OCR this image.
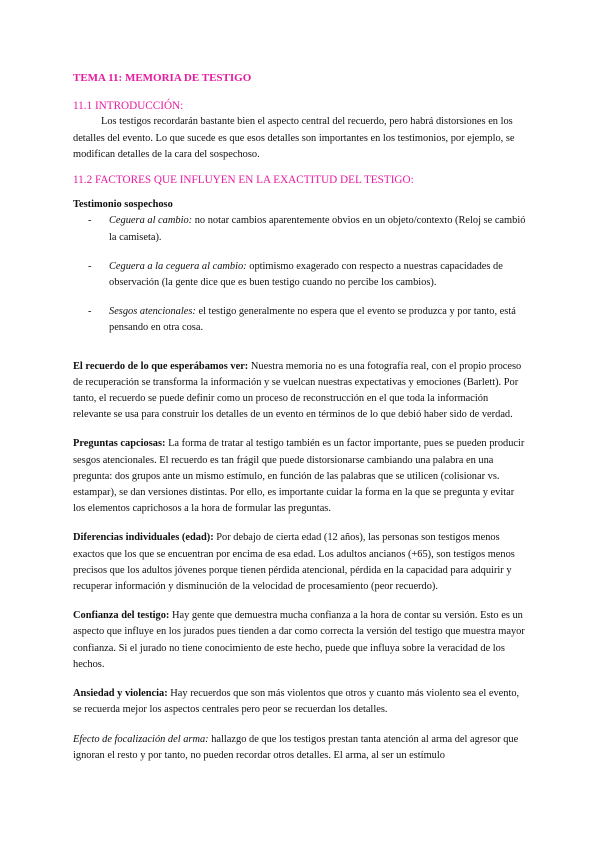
TEMA 11: MEMORIA DE TESTIGO

11.1 INTRODUCCIÓN:

Los testigos recordarán bastante bien el aspecto central del recuerdo, pero habrá distorsiones en los detalles del evento. Lo que sucede es que esos detalles son importantes en los testimonios, por ejemplo, se modifican detalles de la cara del sospechoso.

11.2 FACTORES QUE INFLUYEN EN LA EXACTITUD DEL TESTIGO:

Testimonio sospechoso

- Ceguera al cambio: no notar cambios aparentemente obvios en un objeto/contexto (Reloj se cambió la camiseta).
- Ceguera a la ceguera al cambio: optimismo exagerado con respecto a nuestras capacidades de observación (la gente dice que es buen testigo cuando no percibe los cambios).
- Sesgos atencionales: el testigo generalmente no espera que el evento se produzca y por tanto, está pensando en otra cosa.

El recuerdo de lo que esperábamos ver: Nuestra memoria no es una fotografía real, con el propio proceso de recuperación se transforma la información y se vuelcan nuestras expectativas y emociones (Barlett). Por tanto, el recuerdo se puede definir como un proceso de reconstrucción en el que toda la información relevante se usa para construir los detalles de un evento en términos de lo que debió haber sido de verdad.

Preguntas capciosas: La forma de tratar al testigo también es un factor importante, pues se pueden producir sesgos atencionales. El recuerdo es tan frágil que puede distorsionarse cambiando una palabra en una pregunta: dos grupos ante un mismo estímulo, en función de las palabras que se utilicen (colisionar vs. estampar), se dan versiones distintas. Por ello, es importante cuidar la forma en la que se pregunta y evitar los elementos caprichosos a la hora de formular las preguntas.

Diferencias individuales (edad): Por debajo de cierta edad (12 años), las personas son testigos menos exactos que los que se encuentran por encima de esa edad. Los adultos ancianos (+65), son testigos menos precisos que los adultos jóvenes porque tienen pérdida atencional, pérdida en la capacidad para adquirir y recuperar información y disminución de la velocidad de procesamiento (peor recuerdo).

Confianza del testigo: Hay gente que demuestra mucha confianza a la hora de contar su versión. Esto es un aspecto que influye en los jurados pues tienden a dar como correcta la versión del testigo que muestra mayor confianza. Si el jurado no tiene conocimiento de este hecho, puede que influya sobre la veracidad de los hechos.

Ansiedad y violencia: Hay recuerdos que son más violentos que otros y cuanto más violento sea el evento, se recuerda mejor los aspectos centrales pero peor se recuerdan los detalles.

Efecto de focalización del arma: hallazgo de que los testigos prestan tanta atención al arma del agresor que ignoran el resto y por tanto, no pueden recordar otros detalles. El arma, al ser un estímulo
